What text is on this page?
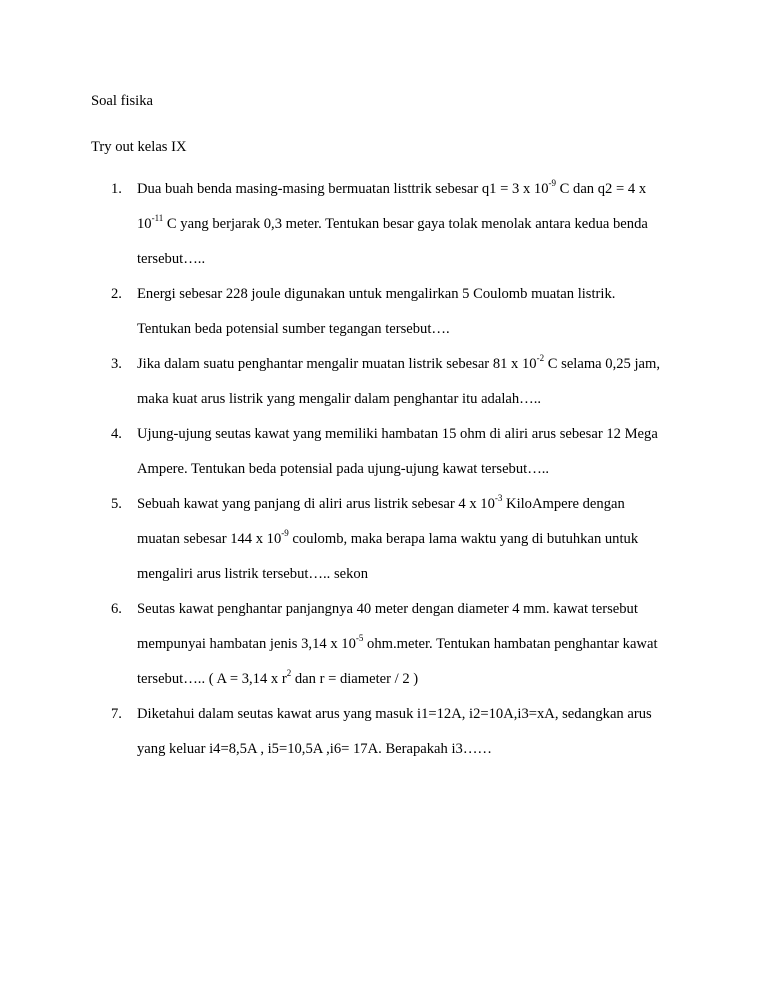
Soal fisika
Try out kelas IX
1. Dua buah benda masing-masing bermuatan listtrik sebesar q1 = 3 x $10^{-9}$ C dan q2 = 4 x
$10^{-11}$ C yang berjarak 0,3 meter. Tentukan besar gaya tolak menolak antara kedua benda
tersebut…..
2. Energi sebesar 228 joule digunakan untuk mengalirkan 5 Coulomb muatan listrik.
Tentukan beda potensial sumber tegangan tersebut….
3. Jika dalam suatu penghantar mengalir muatan listrik sebesar 81 x $10^{-2}$ C selama 0,25 jam,
maka kuat arus listrik yang mengalir dalam penghantar itu adalah…..
4. Ujung-ujung seutas kawat yang memiliki hambatan 15 ohm di aliri arus sebesar 12 Mega
Ampere. Tentukan beda potensial pada ujung-ujung kawat tersebut…..
5. Sebuah kawat yang panjang di aliri arus listrik sebesar 4 x $10^{-3}$ KiloAmpere dengan
muatan sebesar 144 x $10^{-9}$ coulomb, maka berapa lama waktu yang di butuhkan untuk
mengaliri arus listrik tersebut….. sekon
6. Seutas kawat penghantar panjangnya 40 meter dengan diameter 4 mm. kawat tersebut
mempunyai hambatan jenis 3,14 x $10^{-5}$ ohm.meter. Tentukan hambatan penghantar kawat
tersebut….. ( A = 3,14 x $r^2$ dan r = diameter / 2 )
7. Diketahui dalam seutas kawat arus yang masuk i1=12A, i2=10A,i3=xA, sedangkan arus
yang keluar i4=8,5A , i5=10,5A ,i6= 17A. Berapakah i3……
